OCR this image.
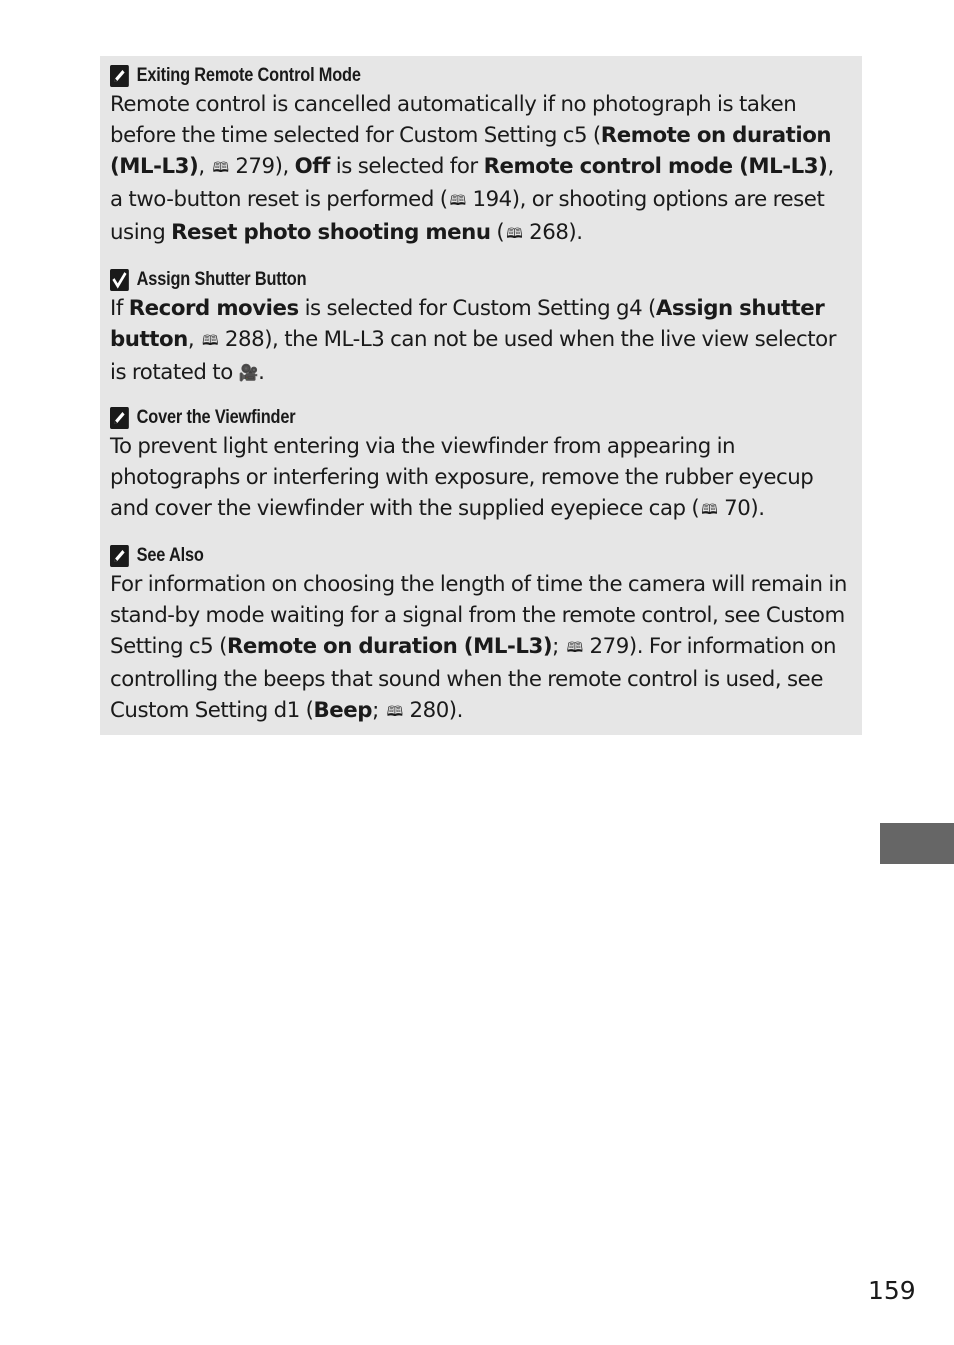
Exiting Remote Control Mode

Remote control is cancelled automatically if no photograph is taken before the time selected for Custom Setting c5 (Remote on duration (ML-L3), 🕮 279), Off is selected for Remote control mode (ML-L3), a two-button reset is performed ( 🕮 194), or shooting options are reset using Reset photo shooting menu ( 🕮 268).

Assign Shutter Button

If Record movies is selected for Custom Setting g4 (Assign shutter button, 🕮 288), the ML-L3 can not be used when the live view selector is rotated to 🎥.

Cover the Viewfinder

To prevent light entering via the viewfinder from appearing in photographs or interfering with exposure, remove the rubber eyecup and cover the viewfinder with the supplied eyepiece cap ( 🕮 70).

See Also

For information on choosing the length of time the camera will remain in stand-by mode waiting for a signal from the remote control, see Custom Setting c5 (Remote on duration (ML-L3); 🕮 279). For information on controlling the beeps that sound when the remote control is used, see Custom Setting d1 (Beep; 🕮 280).

159
